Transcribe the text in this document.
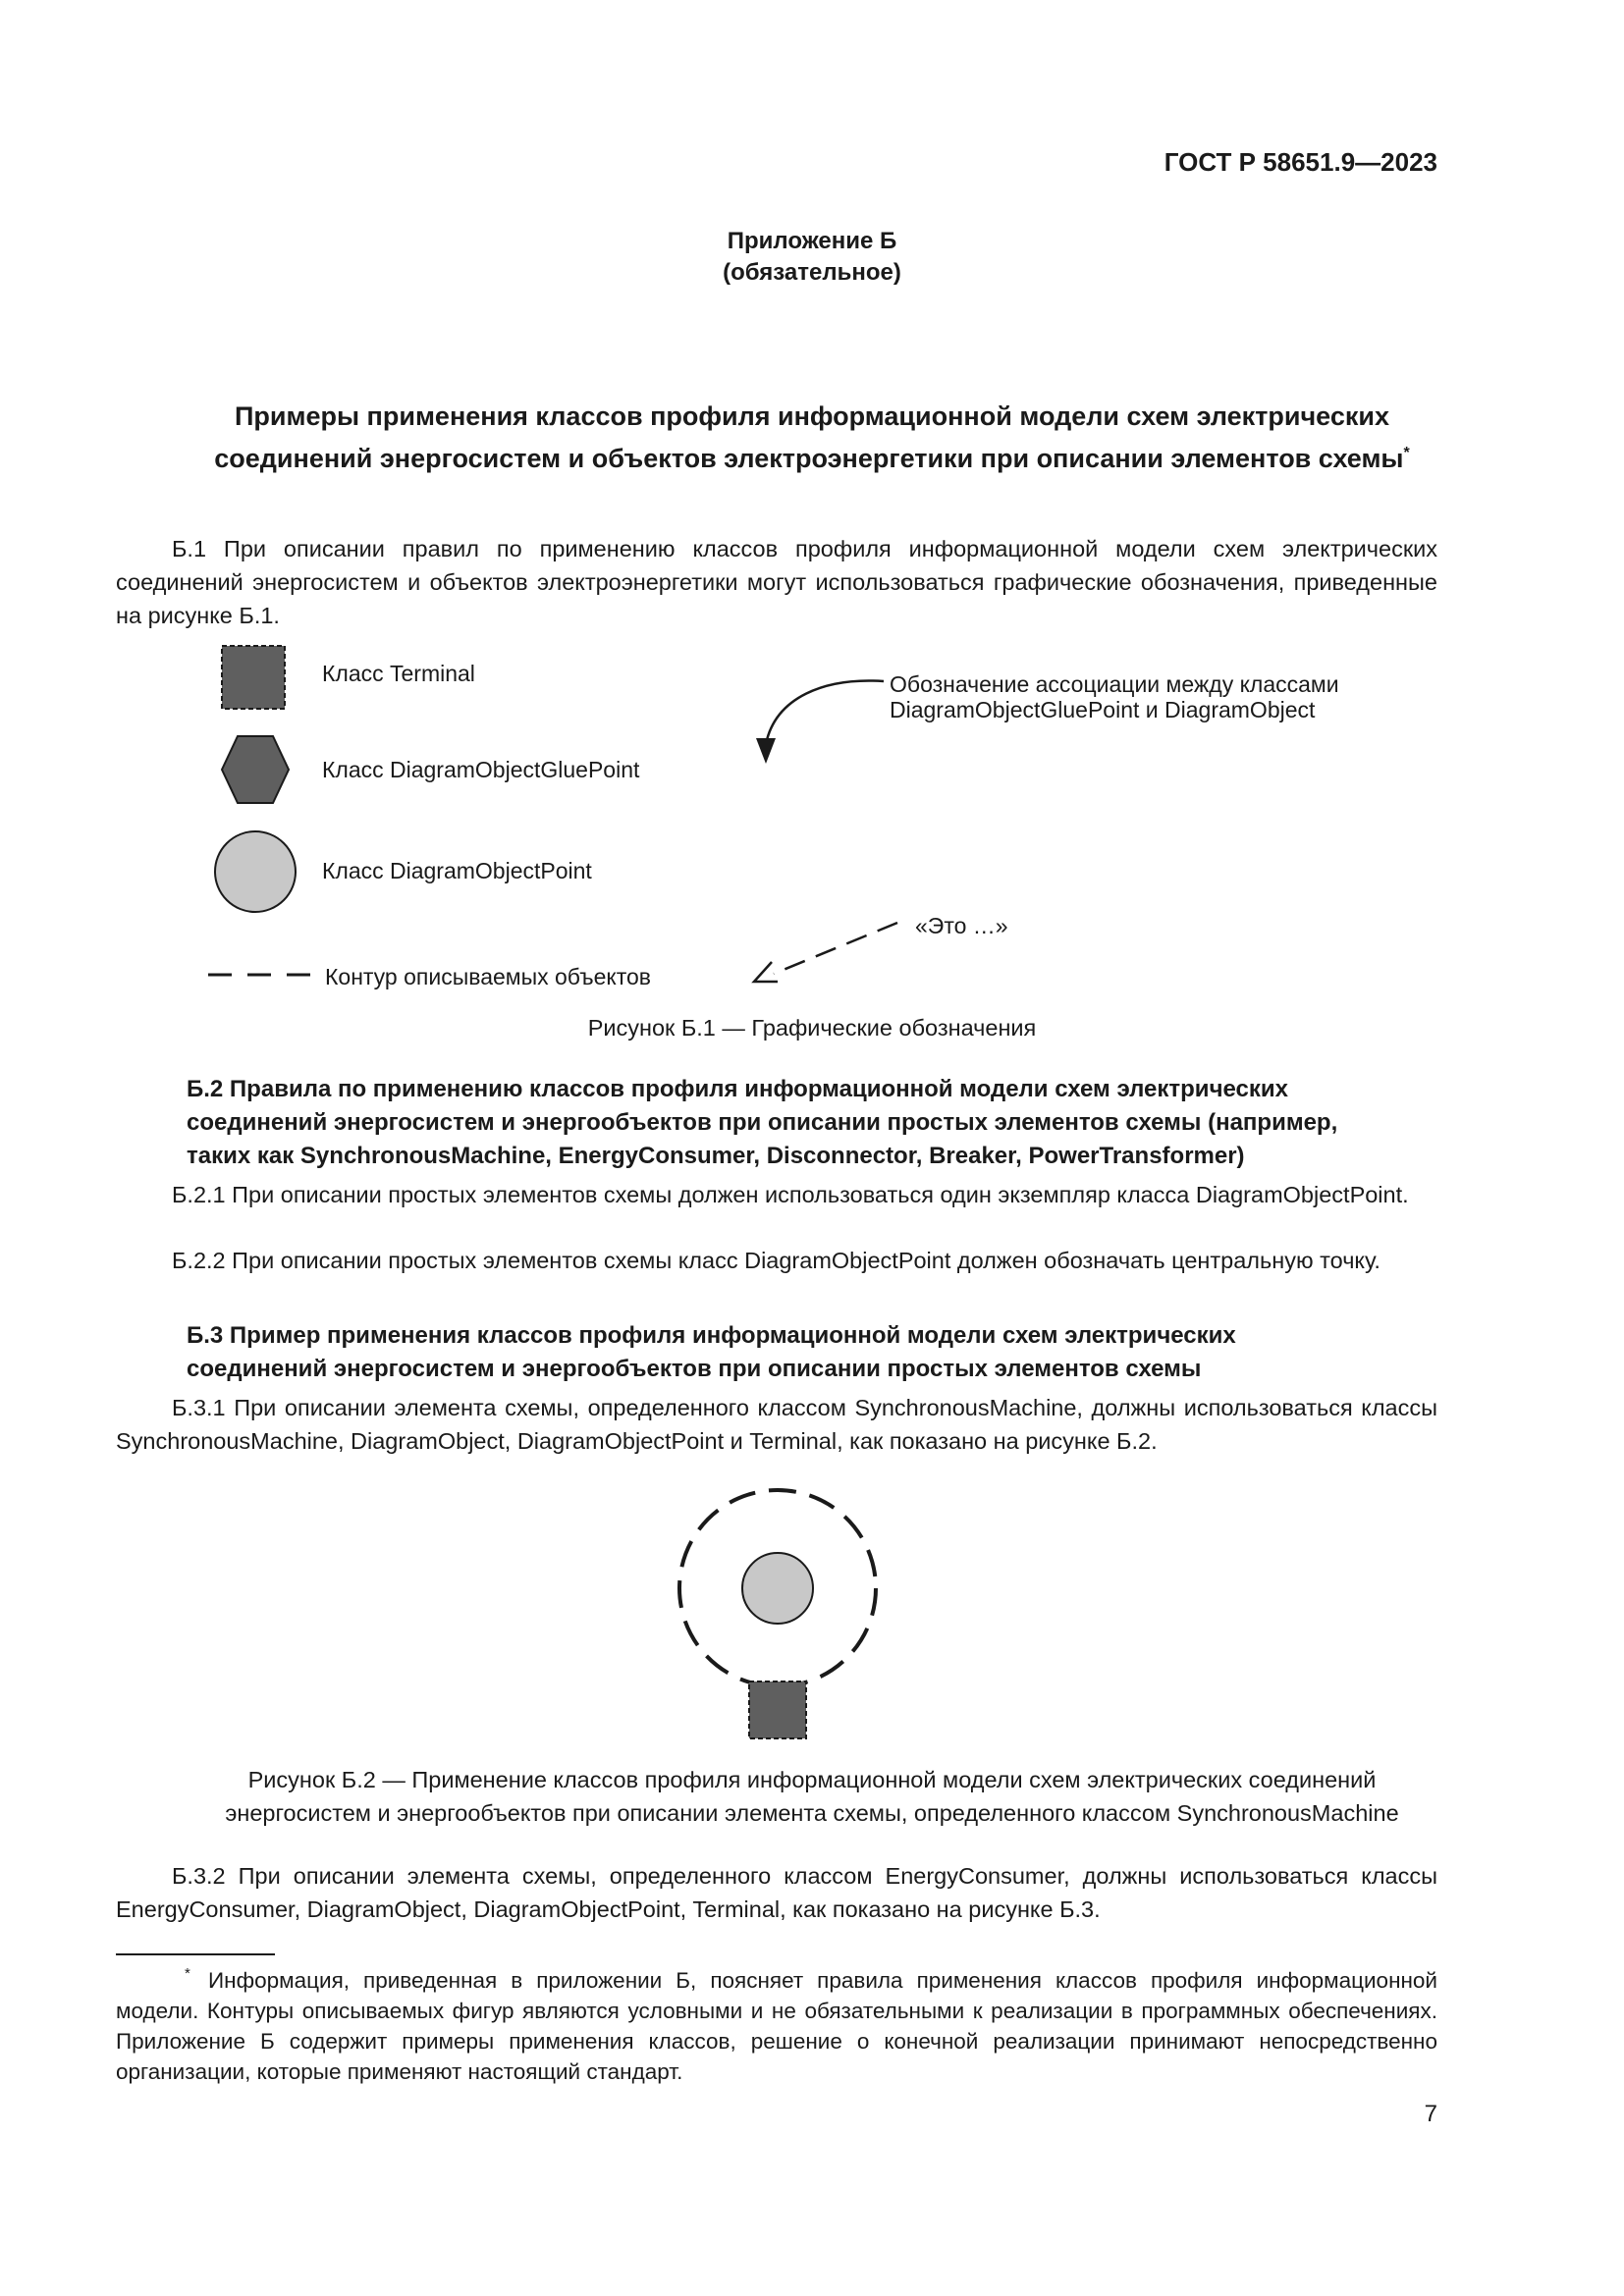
ГОСТ Р 58651.9—2023

Приложение Б

(обязательное)

Примеры применения классов профиля информационной модели схем электрических
соединений энергосистем и объектов электроэнергетики при описании элементов схемы*

Б.1 При описании правил по применению классов профиля информационной модели схем электрических соединений энергосистем и объектов электроэнергетики могут использоваться графические обозначения, приведенные на рисунке Б.1.

Класс Terminal

Класс DiagramObjectGluePoint

Класс DiagramObjectPoint

Контур описываемых объектов

Обозначение ассоциации между классами

DiagramObjectGluePoint и DiagramObject

«Это …»

Рисунок Б.1 — Графические обозначения

Б.2 Правила по применению классов профиля информационной модели схем электрических соединений энергосистем и энергообъектов при описании простых элементов схемы (например, таких как SynchronousMachine, EnergyConsumer, Disconnector, Breaker, PowerTransformer)

Б.2.1 При описании простых элементов схемы должен использоваться один экземпляр класса DiagramObjectPoint.

Б.2.2 При описании простых элементов схемы класс DiagramObjectPoint должен обозначать центральную точку.

Б.3 Пример применения классов профиля информационной модели схем электрических соединений энергосистем и энергообъектов при описании простых элементов схемы

Б.3.1 При описании элемента схемы, определенного классом SynchronousMachine, должны использоваться классы SynchronousMachine, DiagramObject, DiagramObjectPoint и Terminal, как показано на рисунке Б.2.

Рисунок Б.2 — Применение классов профиля информационной модели схем электрических соединений

энергосистем и энергообъектов при описании элемента схемы, определенного классом SynchronousMachine

Б.3.2 При описании элемента схемы, определенного классом EnergyConsumer, должны использоваться классы EnergyConsumer, DiagramObject, DiagramObjectPoint, Terminal, как показано на рисунке Б.3.

* Информация, приведенная в приложении Б, поясняет правила применения классов профиля информационной модели. Контуры описываемых фигур являются условными и не обязательными к реализации в программных обеспечениях. Приложение Б содержит примеры применения классов, решение о конечной реализации принимают непосредственно организации, которые применяют настоящий стандарт.

7
